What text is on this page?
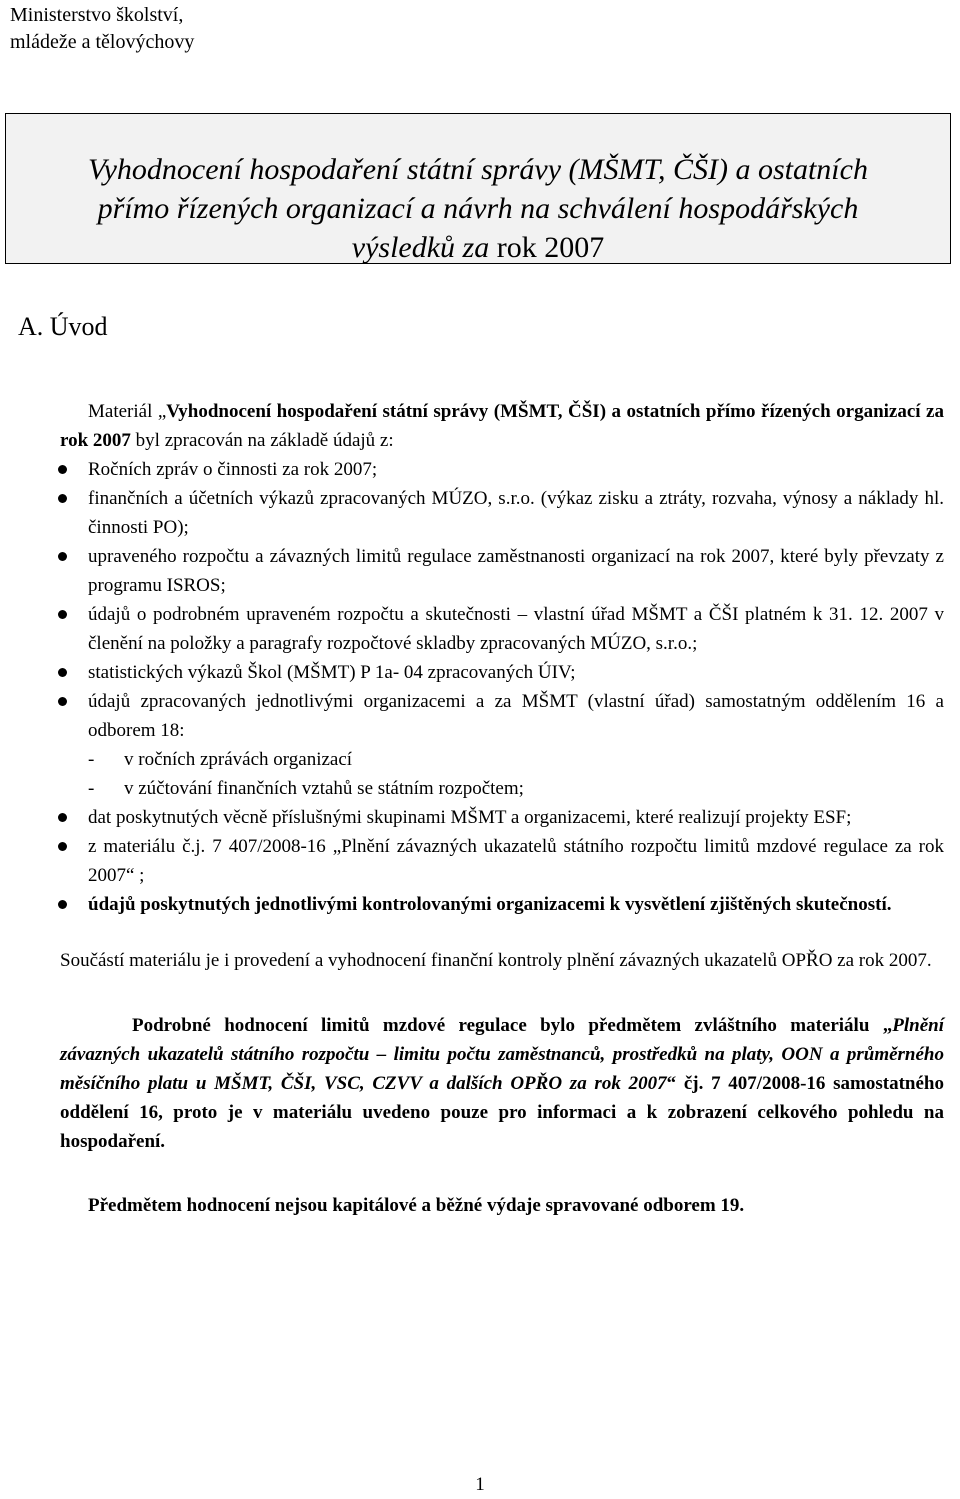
Ministerstvo školství,
mládeže a tělovýchovy
Vyhodnocení hospodaření státní správy (MŠMT, ČŠI) a ostatních
přímo řízených organizací a návrh na schválení hospodářských
výsledků za rok 2007
A. Úvod

Materiál „Vyhodnocení hospodaření státní správy (MŠMT, ČŠI) a ostatních přímo řízených organizací za rok 2007 byl zpracován na základě údajů z:

Ročních zpráv o činnosti za rok 2007;
finančních a účetních výkazů zpracovaných MÚZO, s.r.o. (výkaz zisku a ztráty, rozvaha, výnosy a náklady hl. činnosti PO);
upraveného rozpočtu a závazných limitů regulace zaměstnanosti organizací na rok 2007, které byly převzaty z programu ISROS;
údajů o podrobném upraveném rozpočtu a skutečnosti – vlastní úřad MŠMT a ČŠI platném k 31. 12. 2007 v členění na položky a paragrafy rozpočtové skladby zpracovaných MÚZO, s.r.o.;
statistických výkazů Škol (MŠMT) P 1a- 04 zpracovaných ÚIV;
údajů zpracovaných jednotlivými organizacemi a za MŠMT (vlastní úřad) samostatným oddělením 16 a odborem 18:
- v ročních zprávách organizací
- v zúčtování finančních vztahů se státním rozpočtem;
dat poskytnutých věcně příslušnými skupinami MŠMT a organizacemi, které realizují projekty ESF;
z materiálu č.j. 7 407/2008-16 „Plnění závazných ukazatelů státního rozpočtu limitů mzdové regulace za rok 2007“ ;
údajů poskytnutých jednotlivými kontrolovanými organizacemi k vysvětlení zjištěných skutečností.

Součástí materiálu je i provedení a vyhodnocení finanční kontroly plnění závazných ukazatelů OPŘO za rok 2007.

Podrobné hodnocení limitů mzdové regulace bylo předmětem zvláštního materiálu „Plnění závazných ukazatelů státního rozpočtu – limitu počtu zaměstnanců, prostředků na platy, OON a průměrného měsíčního platu u MŠMT, ČŠI, VSC, CZVV a dalších OPŘO za rok 2007“ čj. 7 407/2008-16 samostatného oddělení 16, proto je v materiálu uvedeno pouze pro informaci a k zobrazení celkového pohledu na hospodaření.

Předmětem hodnocení nejsou kapitálové a běžné výdaje spravované odborem 19.

1
